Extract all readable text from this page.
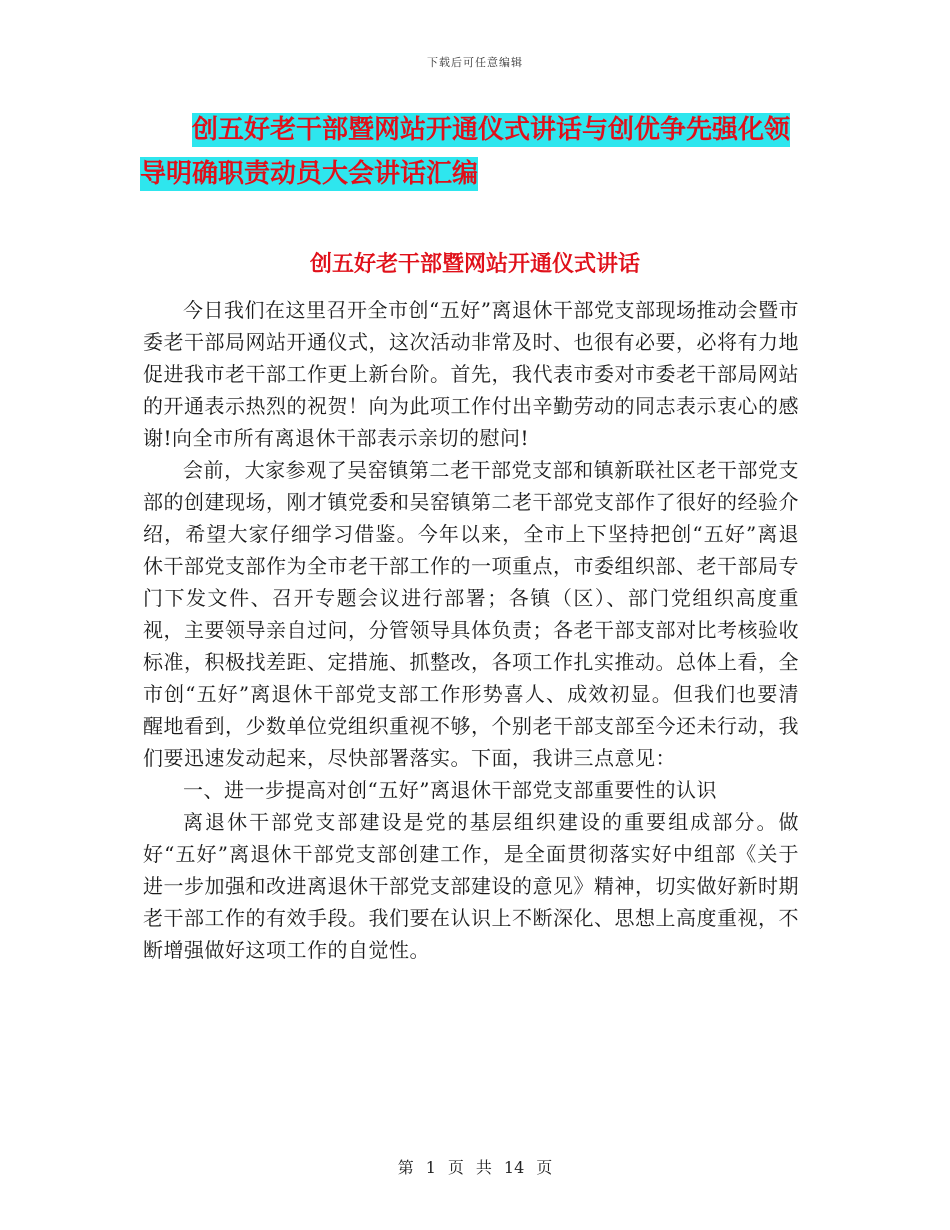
下载后可任意编辑
创五好老干部暨网站开通仪式讲话与创优争先强化领
导明确职责动员大会讲话汇编
创五好老干部暨网站开通仪式讲话

今日我们在这里召开全市创“五好”离退休干部党支部现场推动会暨市委老干部局网站开通仪式，这次活动非常及时、也很有必要，必将有力地促进我市老干部工作更上新台阶。首先，我代表市委对市委老干部局网站的开通表示热烈的祝贺！向为此项工作付出辛勤劳动的同志表示衷心的感谢!向全市所有离退休干部表示亲切的慰问!

会前，大家参观了吴窑镇第二老干部党支部和镇新联社区老干部党支部的创建现场，刚才镇党委和吴窑镇第二老干部党支部作了很好的经验介绍，希望大家仔细学习借鉴。今年以来，全市上下坚持把创“五好”离退休干部党支部作为全市老干部工作的一项重点，市委组织部、老干部局专门下发文件、召开专题会议进行部署；各镇（区）、部门党组织高度重视，主要领导亲自过问，分管领导具体负责；各老干部支部对比考核验收标准，积极找差距、定措施、抓整改，各项工作扎实推动。总体上看，全市创“五好”离退休干部党支部工作形势喜人、成效初显。但我们也要清醒地看到，少数单位党组织重视不够，个别老干部支部至今还未行动，我们要迅速发动起来，尽快部署落实。下面，我讲三点意见：

一、进一步提高对创“五好”离退休干部党支部重要性的认识

离退休干部党支部建设是党的基层组织建设的重要组成部分。做好“五好”离退休干部党支部创建工作，是全面贯彻落实好中组部《关于进一步加强和改进离退休干部党支部建设的意见》精神，切实做好新时期老干部工作的有效手段。我们要在认识上不断深化、思想上高度重视，不断增强做好这项工作的自觉性。

第 1 页 共 14 页
